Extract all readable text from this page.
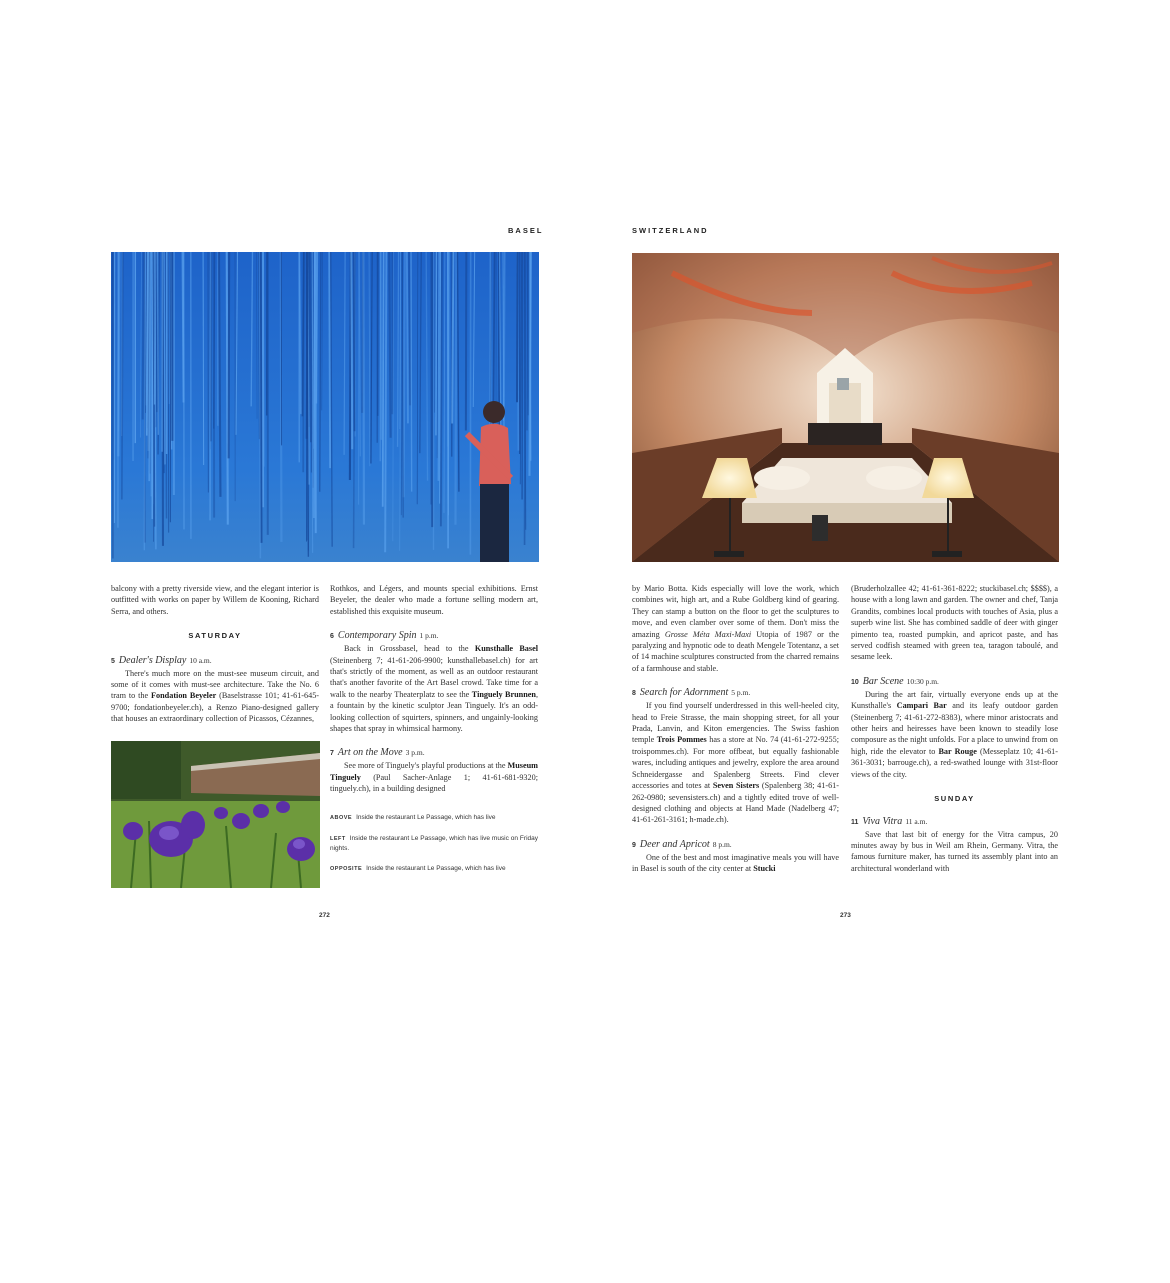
BASEL

balcony with a pretty riverside view, and the elegant interior is outfitted with works on paper by Willem de Kooning, Richard Serra, and others.

SATURDAY
5 Dealer's Display 10 a.m.

There's much more on the must-see museum circuit, and some of it comes with must-see architecture. Take the No. 6 tram to the Fondation Beyeler (Baselstrasse 101; 41-61-645-9700; fondationbeyeler.ch), a Renzo Piano-designed gallery that houses an extraordinary collection of Picassos, Cézannes,

Rothkos, and Légers, and mounts special exhibitions. Ernst Beyeler, the dealer who made a fortune selling modern art, established this exquisite museum.

6 Contemporary Spin 1 p.m.

Back in Grossbasel, head to the Kunsthalle Basel (Steinenberg 7; 41-61-206-9900; kunsthallebasel.ch) for art that's strictly of the moment, as well as an outdoor restaurant that's another favorite of the Art Basel crowd. Take time for a walk to the nearby Theaterplatz to see the Tinguely Brunnen, a fountain by the kinetic sculptor Jean Tinguely. It's an odd-looking collection of squirters, spinners, and ungainly-looking shapes that spray in whimsical harmony.

7 Art on the Move 3 p.m.

See more of Tinguely's playful productions at the Museum Tinguely (Paul Sacher-Anlage 1; 41-61-681-9320; tinguely.ch), in a building designed

ABOVE Inside the restaurant Le Passage, which has live
LEFT Inside the restaurant Le Passage, which has live music on Friday nights.
OPPOSITE Inside the restaurant Le Passage, which has live
272
SWITZERLAND

by Mario Botta. Kids especially will love the work, which combines wit, high art, and a Rube Goldberg kind of gearing. They can stamp a button on the floor to get the sculptures to move, and even clamber over some of them. Don't miss the amazing Grosse Méta Maxi-Maxi Utopia of 1987 or the paralyzing and hypnotic ode to death Mengele Totentanz, a set of 14 machine sculptures constructed from the charred remains of a farmhouse and stable.

8 Search for Adornment 5 p.m.

If you find yourself underdressed in this well-heeled city, head to Freie Strasse, the main shopping street, for all your Prada, Lanvin, and Kiton emergencies. The Swiss fashion temple Trois Pommes has a store at No. 74 (41-61-272-9255; troispommes.ch). For more offbeat, but equally fashionable wares, including antiques and jewelry, explore the area around Schneidergasse and Spalenberg Streets. Find clever accessories and totes at Seven Sisters (Spalenberg 38; 41-61-262-0980; sevensisters.ch) and a tightly edited trove of well-designed clothing and objects at Hand Made (Nadelberg 47; 41-61-261-3161; h-made.ch).

9 Deer and Apricot 8 p.m.

One of the best and most imaginative meals you will have in Basel is south of the city center at Stucki

(Bruderholzallee 42; 41-61-361-8222; stuckibasel.ch; $$$$), a house with a long lawn and garden. The owner and chef, Tanja Grandits, combines local products with touches of Asia, plus a superb wine list. She has combined saddle of deer with ginger pimento tea, roasted pumpkin, and apricot paste, and has served codfish steamed with green tea, taragon taboulé, and sesame leek.

10 Bar Scene 10:30 p.m.

During the art fair, virtually everyone ends up at the Kunsthalle's Campari Bar and its leafy outdoor garden (Steinenberg 7; 41-61-272-8383), where minor aristocrats and other heirs and heiresses have been known to steadily lose composure as the night unfolds. For a place to unwind from on high, ride the elevator to Bar Rouge (Messeplatz 10; 41-61-361-3031; barrouge.ch), a red-swathed lounge with 31st-floor views of the city.

SUNDAY
11 Viva Vitra 11 a.m.

Save that last bit of energy for the Vitra campus, 20 minutes away by bus in Weil am Rhein, Germany. Vitra, the famous furniture maker, has turned its assembly plant into an architectural wonderland with

273
